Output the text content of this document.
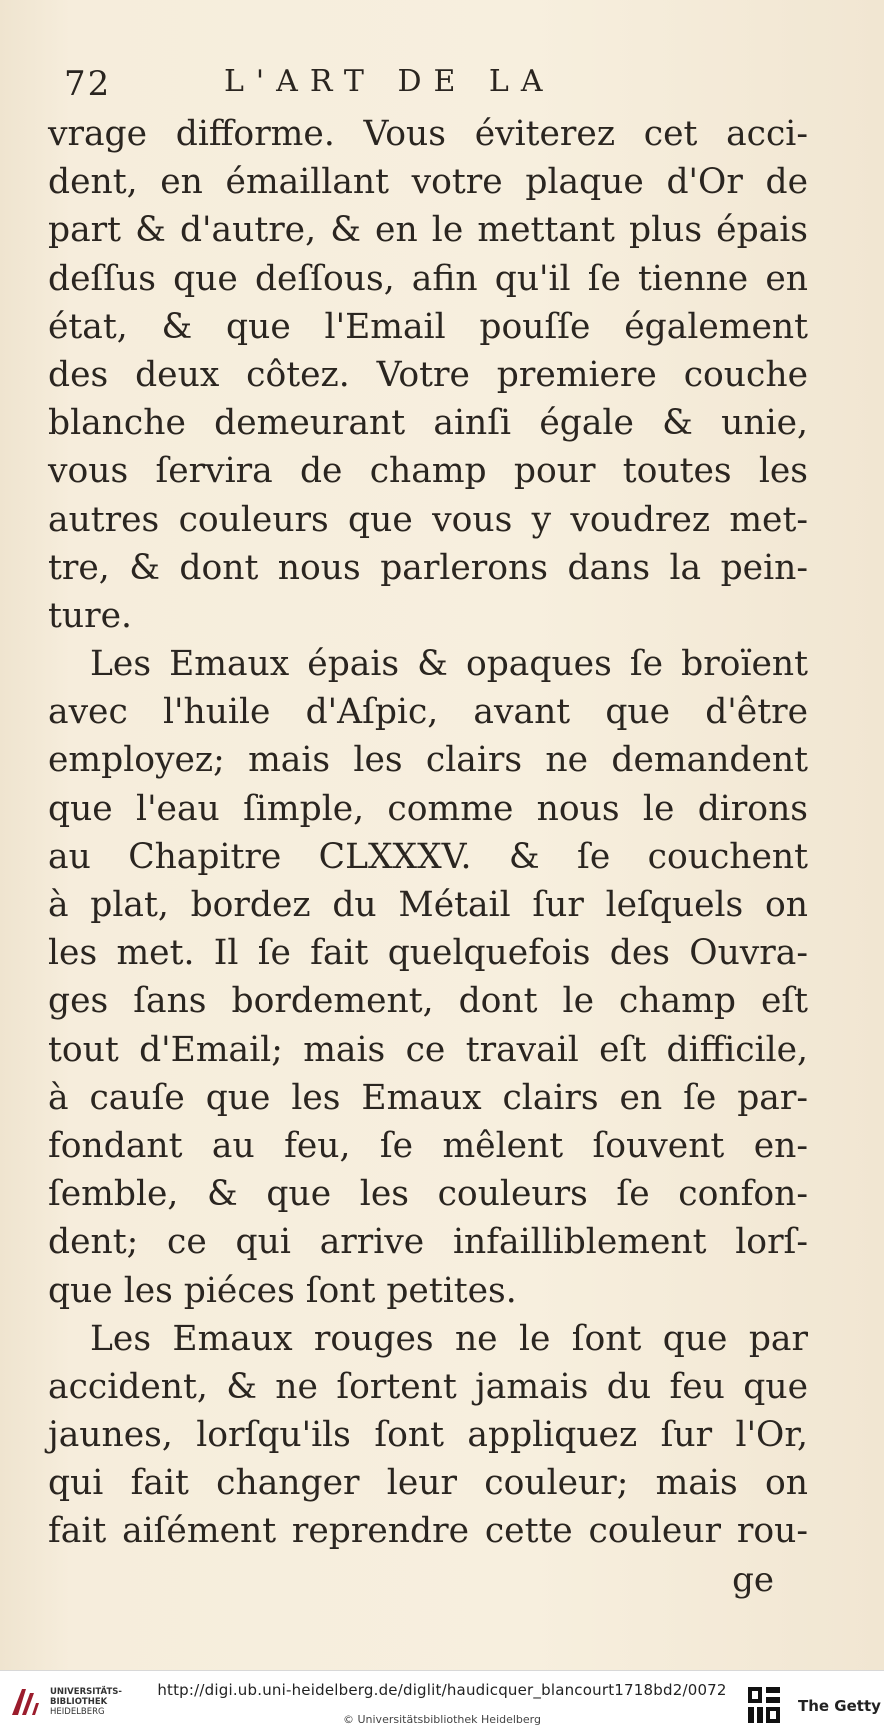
72	L'ART DE LA
vrage difforme. Vous éviterez cet acci-
dent, en émaillant votre plaque d'Or de
part & d'autre, & en le mettant plus épais
deſſus que deſſous, afin qu'il ſe tienne en
état, & que l'Email pouſſe également
des deux côtez. Votre premiere couche
blanche demeurant ainſi égale & unie,
vous ſervira de champ pour toutes les
autres couleurs que vous y voudrez met-
tre, & dont nous parlerons dans la pein-
ture.
Les Emaux épais & opaques ſe broïent
avec l'huile d'Aſpic, avant que d'être
employez; mais les clairs ne demandent
que l'eau ſimple, comme nous le dirons
au Chapitre CLXXXV. & ſe couchent
à plat, bordez du Métail ſur leſquels on
les met. Il ſe fait quelquefois des Ouvra-
ges ſans bordement, dont le champ eſt
tout d'Email; mais ce travail eſt difficile,
à cauſe que les Emaux clairs en ſe par-
fondant au feu, ſe mêlent ſouvent en-
ſemble, & que les couleurs ſe confon-
dent; ce qui arrive infailliblement lorſ-
que les piéces ſont petites.
Les Emaux rouges ne le ſont que par
accident, & ne ſortent jamais du feu que
jaunes, lorſqu'ils ſont appliquez ſur l'Or,
qui fait changer leur couleur; mais on
fait aiſément reprendre cette couleur rou-
ge
UNIVERSITÄTS-
BIBLIOTHEK
HEIDELBERG
http://digi.ub.uni-heidelberg.de/diglit/haudicquer_blancourt1718bd2/0072
© Universitätsbibliothek Heidelberg
The Getty
